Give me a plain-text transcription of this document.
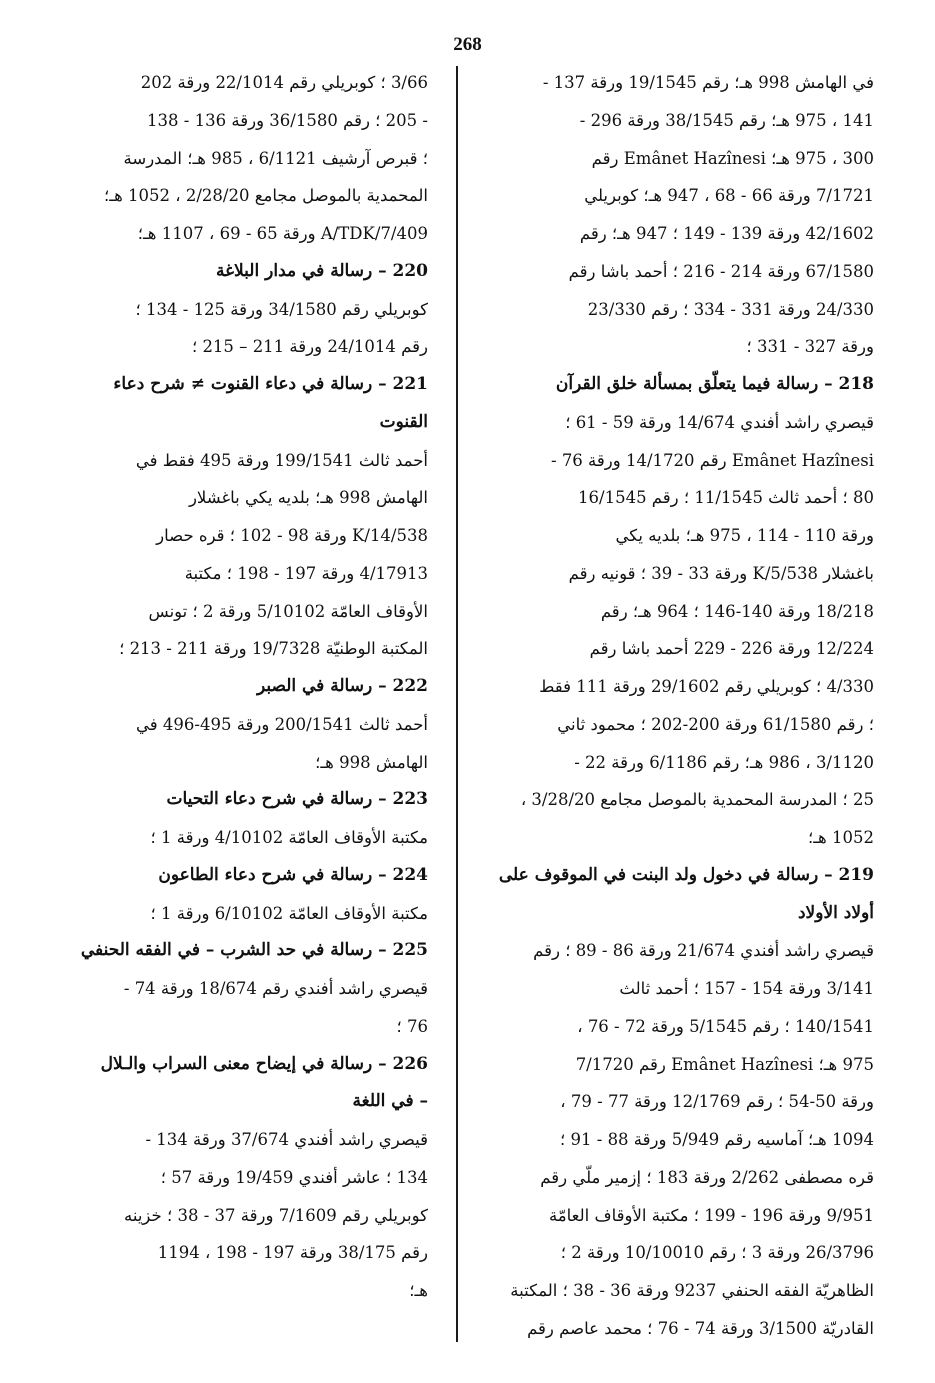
268
في الهامش 998 هـ؛ رقم 19/1545 ورقة 137 -
141 ، 975 هـ؛ رقم 38/1545 ورقة 296 -
300 ، 975 هـ؛ Emânet Hazînesi رقم
7/1721 ورقة 66 - 68 ، 947 هـ؛ كوبريلي
42/1602 ورقة 139 - 149 ؛ 947 هـ؛ رقم
67/1580 ورقة 214 - 216 ؛ أحمد باشا رقم
24/330 ورقة 331 - 334 ؛ رقم 23/330
ورقة 327 - 331 ؛
218 – رسالة فيما يتعلّق بمسألة خلق القرآن
قيصري راشد أفندي 14/674 ورقة 59 - 61 ؛
Emânet Hazînesi رقم 14/1720 ورقة 76 -
80 ؛ أحمد ثالث 11/1545 ؛ رقم 16/1545
ورقة 110 - 114 ، 975 هـ؛ بلديه يكي
باغشلار 5/538/K ورقة 33 - 39 ؛ قونيه رقم
18/218 ورقة 140-146 ؛ 964 هـ؛ رقم
12/224 ورقة 226 - 229 أحمد باشا رقم
4/330 ؛ كوبريلي رقم 29/1602 ورقة 111 فقط
؛ رقم 61/1580 ورقة 200-202 ؛ محمود ثاني
3/1120 ، 986 هـ؛ رقم 6/1186 ورقة 22 -
25 ؛ المدرسة المحمدية بالموصل مجامع 3/28/20 ،
1052 هـ؛
219 – رسالة في دخول ولد البنت في الموقوف على
أولاد الأولاد
قيصري راشد أفندي 21/674 ورقة 86 - 89 ؛ رقم
3/141 ورقة 154 - 157 ؛ أحمد ثالث
140/1541 ؛ رقم 5/1545 ورقة 72 - 76 ،
975 هـ؛ Emânet Hazînesi رقم 7/1720
ورقة 50-54 ؛ رقم 12/1769 ورقة 77 - 79 ،
1094 هـ؛ آماسيه رقم 5/949 ورقة 88 - 91 ؛
قره مصطفى 2/262 ورقة 183 ؛ إزمير ملّي رقم
9/951 ورقة 196 - 199 ؛ مكتبة الأوقاف العامّة
26/3796 ورقة 3 ؛ رقم 10/10010 ورقة 2 ؛
الظاهريّة الفقه الحنفي 9237 ورقة 36 - 38 ؛ المكتبة
القادريّة 3/1500 ورقة 74 - 76 ؛ محمد عاصم رقم
3/66 ؛ كوبريلي رقم 22/1014 ورقة 202
- 205 ؛ رقم 36/1580 ورقة 136 - 138
؛ قبرص آرشيف 6/1121 ، 985 هـ؛ المدرسة
المحمدية بالموصل مجامع 2/28/20 ، 1052 هـ؛
7/409/A/TDK ورقة 65 - 69 ، 1107 هـ؛
220 – رسالة في مدار البلاغة
كوبريلي رقم 34/1580 ورقة 125 - 134 ؛
رقم 24/1014 ورقة 211 – 215 ؛
221 – رسالة في دعاء القنوت ≠ شرح دعاء
القنوت
أحمد ثالث 199/1541 ورقة 495 فقط في
الهامش 998 هـ؛ بلديه يكي باغشلار
14/538/K ورقة 98 - 102 ؛ قره حصار
4/17913 ورقة 197 - 198 ؛ مكتبة
الأوقاف العامّة 5/10102 ورقة 2 ؛ تونس
المكتبة الوطنيّة 19/7328 ورقة 211 - 213 ؛
222 – رسالة في الصبر
أحمد ثالث 200/1541 ورقة 495-496 في
الهامش 998 هـ؛
223 – رسالة في شرح دعاء التحيات
مكتبة الأوقاف العامّة 4/10102 ورقة 1 ؛
224 – رسالة في شرح دعاء الطاعون
مكتبة الأوقاف العامّة 6/10102 ورقة 1 ؛
225 – رسالة في حد الشرب – في الفقه الحنفي
قيصري راشد أفندي رقم 18/674 ورقة 74 -
76 ؛
226 – رسالة في إيضاح معنى السراب والـلال
– في اللغة
قيصري راشد أفندي 37/674 ورقة 134 -
134 ؛ عاشر أفندي 19/459 ورقة 57 ؛
كوبريلي رقم 7/1609 ورقة 37 - 38 ؛ خزينه
رقم 38/175 ورقة 197 - 198 ، 1194
هـ؛
